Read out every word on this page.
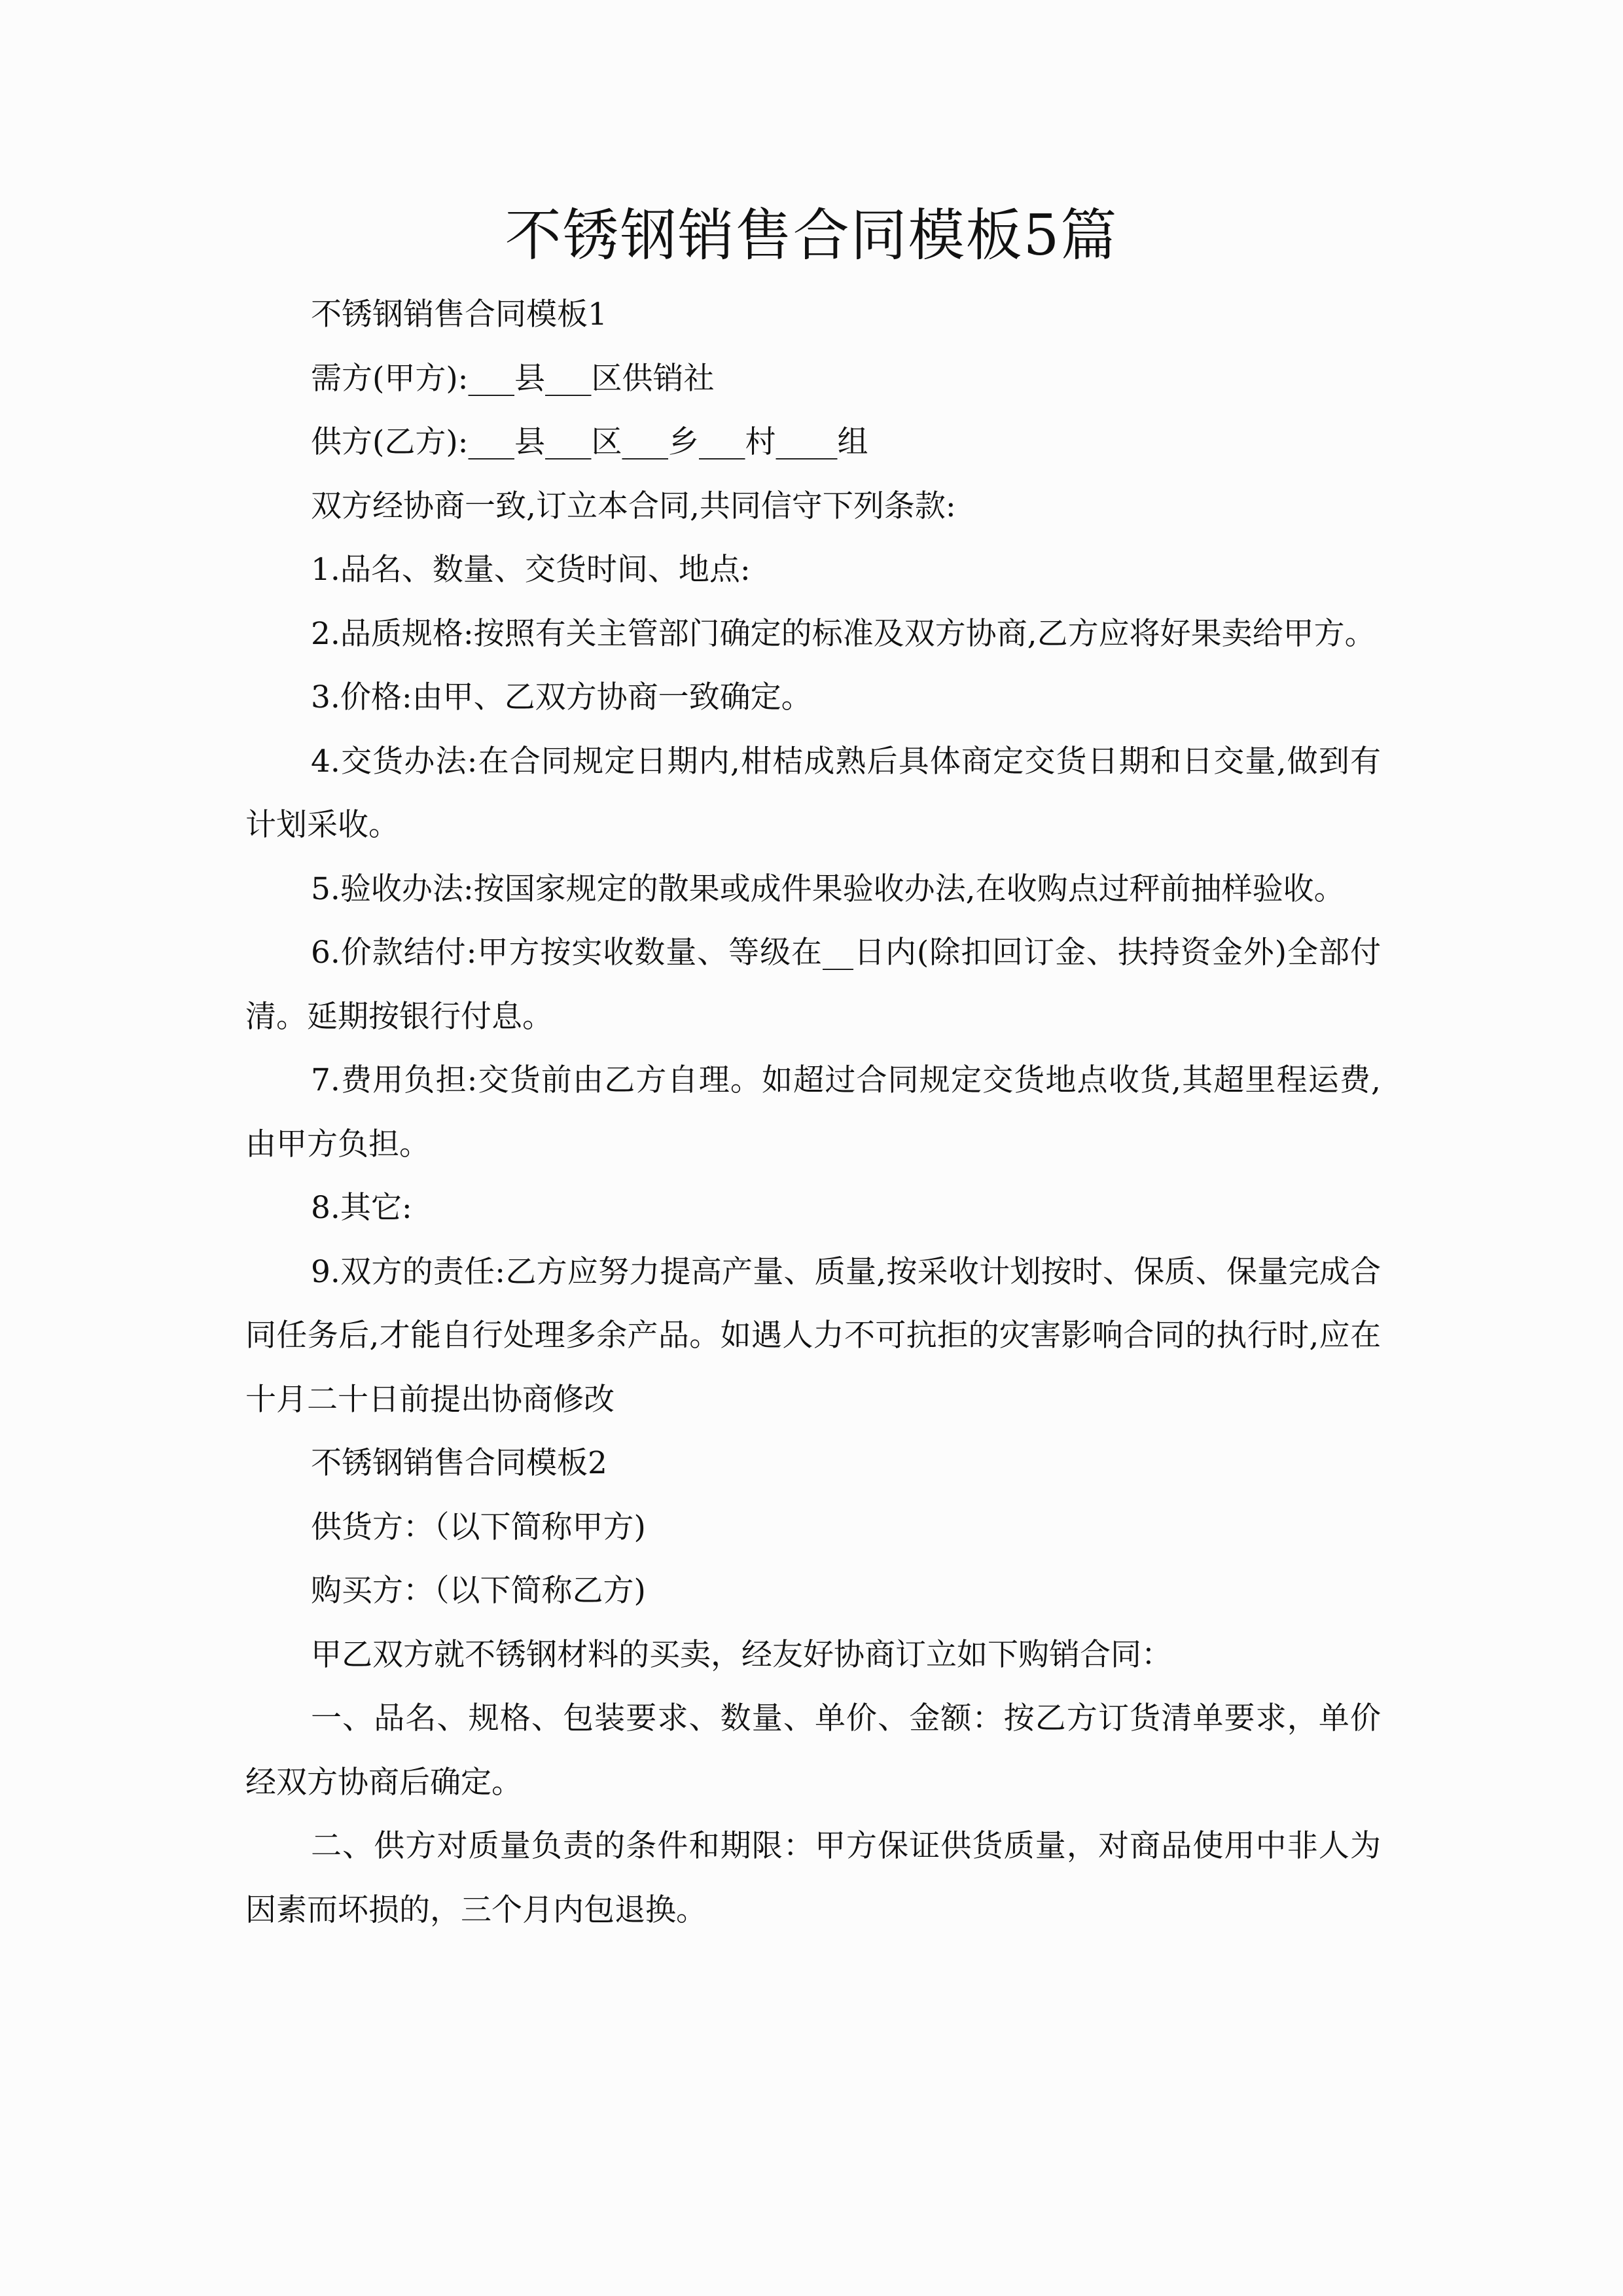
不锈钢销售合同模板5篇

不锈钢销售合同模板1

需方(甲方):___县___区供销社

供方(乙方):___县___区___乡___村____组

双方经协商一致,订立本合同,共同信守下列条款:

1.品名、数量、交货时间、地点:

2.品质规格:按照有关主管部门确定的标准及双方协商,乙方应将好果卖给甲方。

3.价格:由甲、乙双方协商一致确定。

4.交货办法:在合同规定日期内,柑桔成熟后具体商定交货日期和日交量,做到有计划采收。

5.验收办法:按国家规定的散果或成件果验收办法,在收购点过秤前抽样验收。

6.价款结付:甲方按实收数量、等级在__日内(除扣回订金、扶持资金外)全部付清。延期按银行付息。

7.费用负担:交货前由乙方自理。如超过合同规定交货地点收货,其超里程运费,由甲方负担。

8.其它:

9.双方的责任:乙方应努力提高产量、质量,按采收计划按时、保质、保量完成合同任务后,才能自行处理多余产品。如遇人力不可抗拒的灾害影响合同的执行时,应在十月二十日前提出协商修改

不锈钢销售合同模板2

供货方：（以下简称甲方)

购买方：（以下简称乙方)

甲乙双方就不锈钢材料的买卖，经友好协商订立如下购销合同：

一、品名、规格、包装要求、数量、单价、金额：按乙方订货清单要求，单价经双方协商后确定。

二、供方对质量负责的条件和期限：甲方保证供货质量，对商品使用中非人为因素而坏损的，三个月内包退换。
